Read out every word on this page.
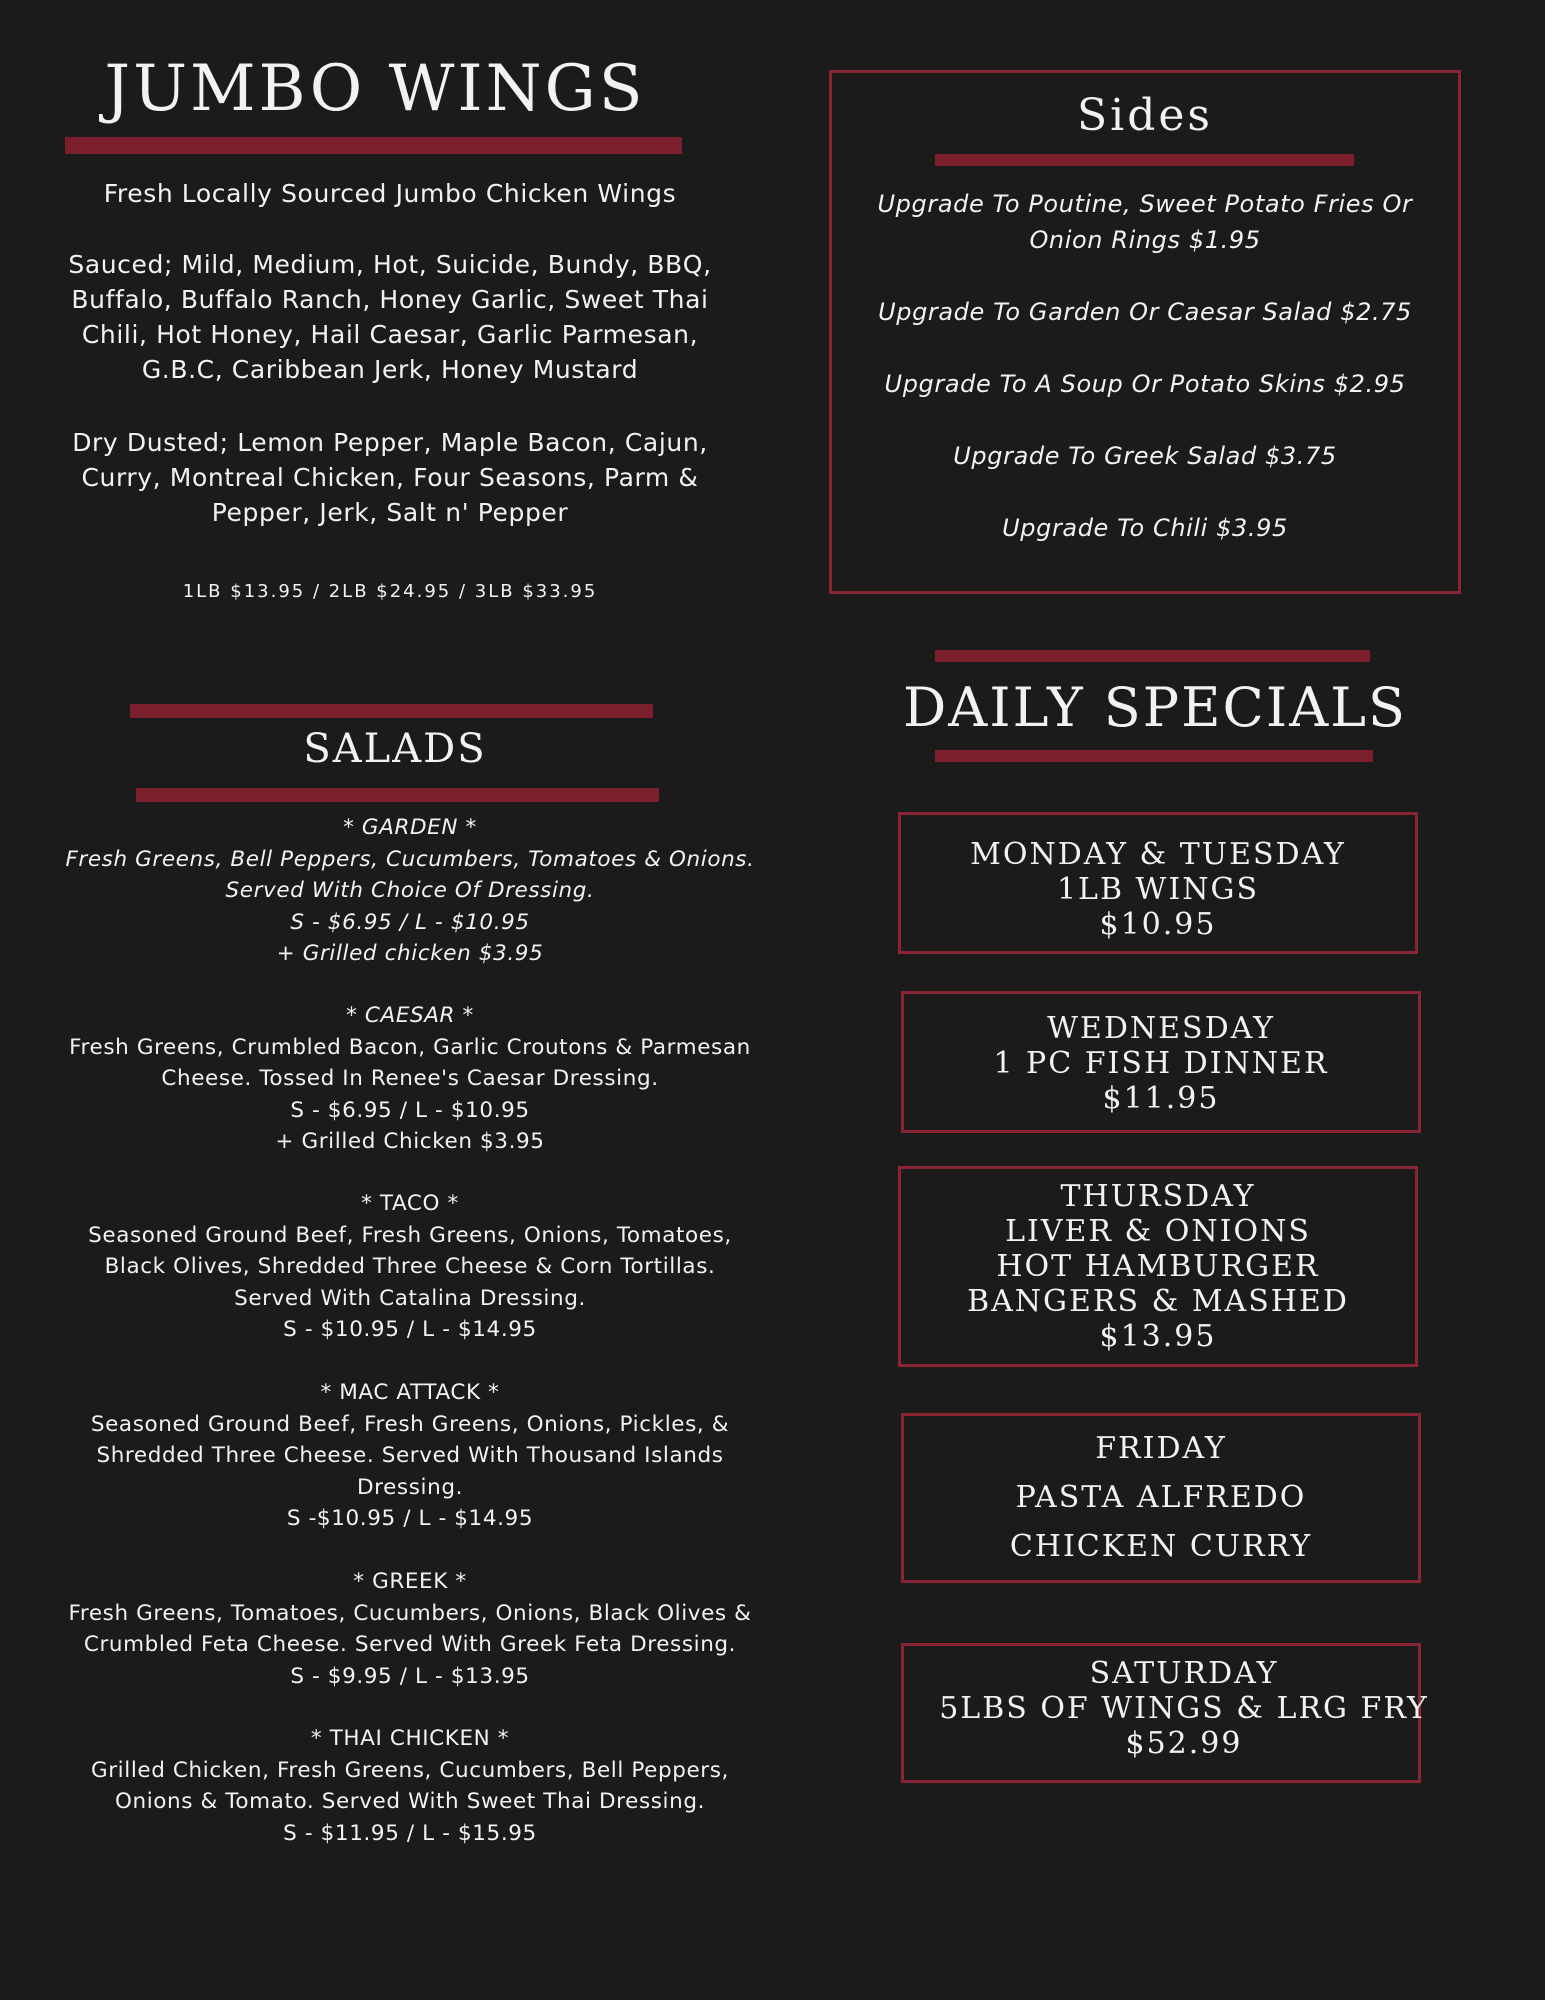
JUMBO WINGS
Fresh Locally Sourced Jumbo Chicken Wings
Sauced; Mild, Medium, Hot, Suicide, Bundy, BBQ, Buffalo, Buffalo Ranch, Honey Garlic, Sweet Thai Chili, Hot Honey, Hail Caesar, Garlic Parmesan, G.B.C, Caribbean Jerk, Honey Mustard
Dry Dusted; Lemon Pepper, Maple Bacon, Cajun, Curry, Montreal Chicken, Four Seasons, Parm & Pepper, Jerk, Salt n' Pepper
1LB $13.95 / 2LB $24.95 / 3LB $33.95
SALADS
* GARDEN *
Fresh Greens, Bell Peppers, Cucumbers, Tomatoes & Onions.
Served With Choice Of Dressing.
S - $6.95 / L - $10.95
+ Grilled chicken $3.95
* CAESAR *
Fresh Greens, Crumbled Bacon, Garlic Croutons & Parmesan
Cheese. Tossed In Renee's Caesar Dressing.
S - $6.95 / L - $10.95
+ Grilled Chicken $3.95
* TACO *
Seasoned Ground Beef, Fresh Greens, Onions, Tomatoes,
Black Olives, Shredded Three Cheese & Corn Tortillas.
Served With Catalina Dressing.
S - $10.95 / L - $14.95
* MAC ATTACK *
Seasoned Ground Beef, Fresh Greens, Onions, Pickles, &
Shredded Three Cheese. Served With Thousand Islands
Dressing.
S -$10.95 / L - $14.95
* GREEK *
Fresh Greens, Tomatoes, Cucumbers, Onions, Black Olives &
Crumbled Feta Cheese. Served With Greek Feta Dressing.
S - $9.95 / L - $13.95
* THAI CHICKEN *
Grilled Chicken, Fresh Greens, Cucumbers, Bell Peppers,
Onions & Tomato. Served With Sweet Thai Dressing.
S - $11.95 / L - $15.95
Sides
Upgrade To Poutine, Sweet Potato Fries Or Onion Rings $1.95
Upgrade To Garden Or Caesar Salad $2.75
Upgrade To A Soup Or Potato Skins $2.95
Upgrade To Greek Salad $3.75
Upgrade To Chili $3.95
DAILY SPECIALS
MONDAY & TUESDAY
1LB WINGS
$10.95
WEDNESDAY
1 PC FISH DINNER
$11.95
THURSDAY
LIVER & ONIONS
HOT HAMBURGER
BANGERS & MASHED
$13.95
FRIDAY
PASTA ALFREDO
CHICKEN CURRY
SATURDAY
5LBS OF WINGS & LRG FRY
$52.99
